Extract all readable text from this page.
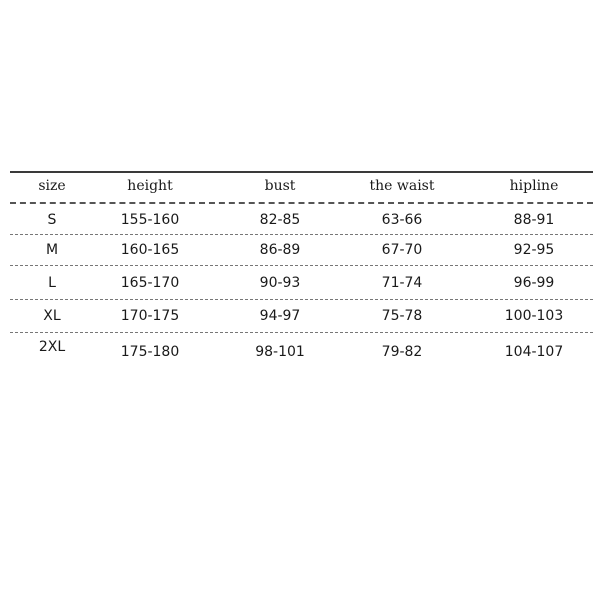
size	height	bust	the waist	hipline
S	155-160	82-85	63-66	88-91
M	160-165	86-89	67-70	92-95
L	165-170	90-93	71-74	96-99
XL	170-175	94-97	75-78	100-103
2XL	175-180	98-101	79-82	104-107
